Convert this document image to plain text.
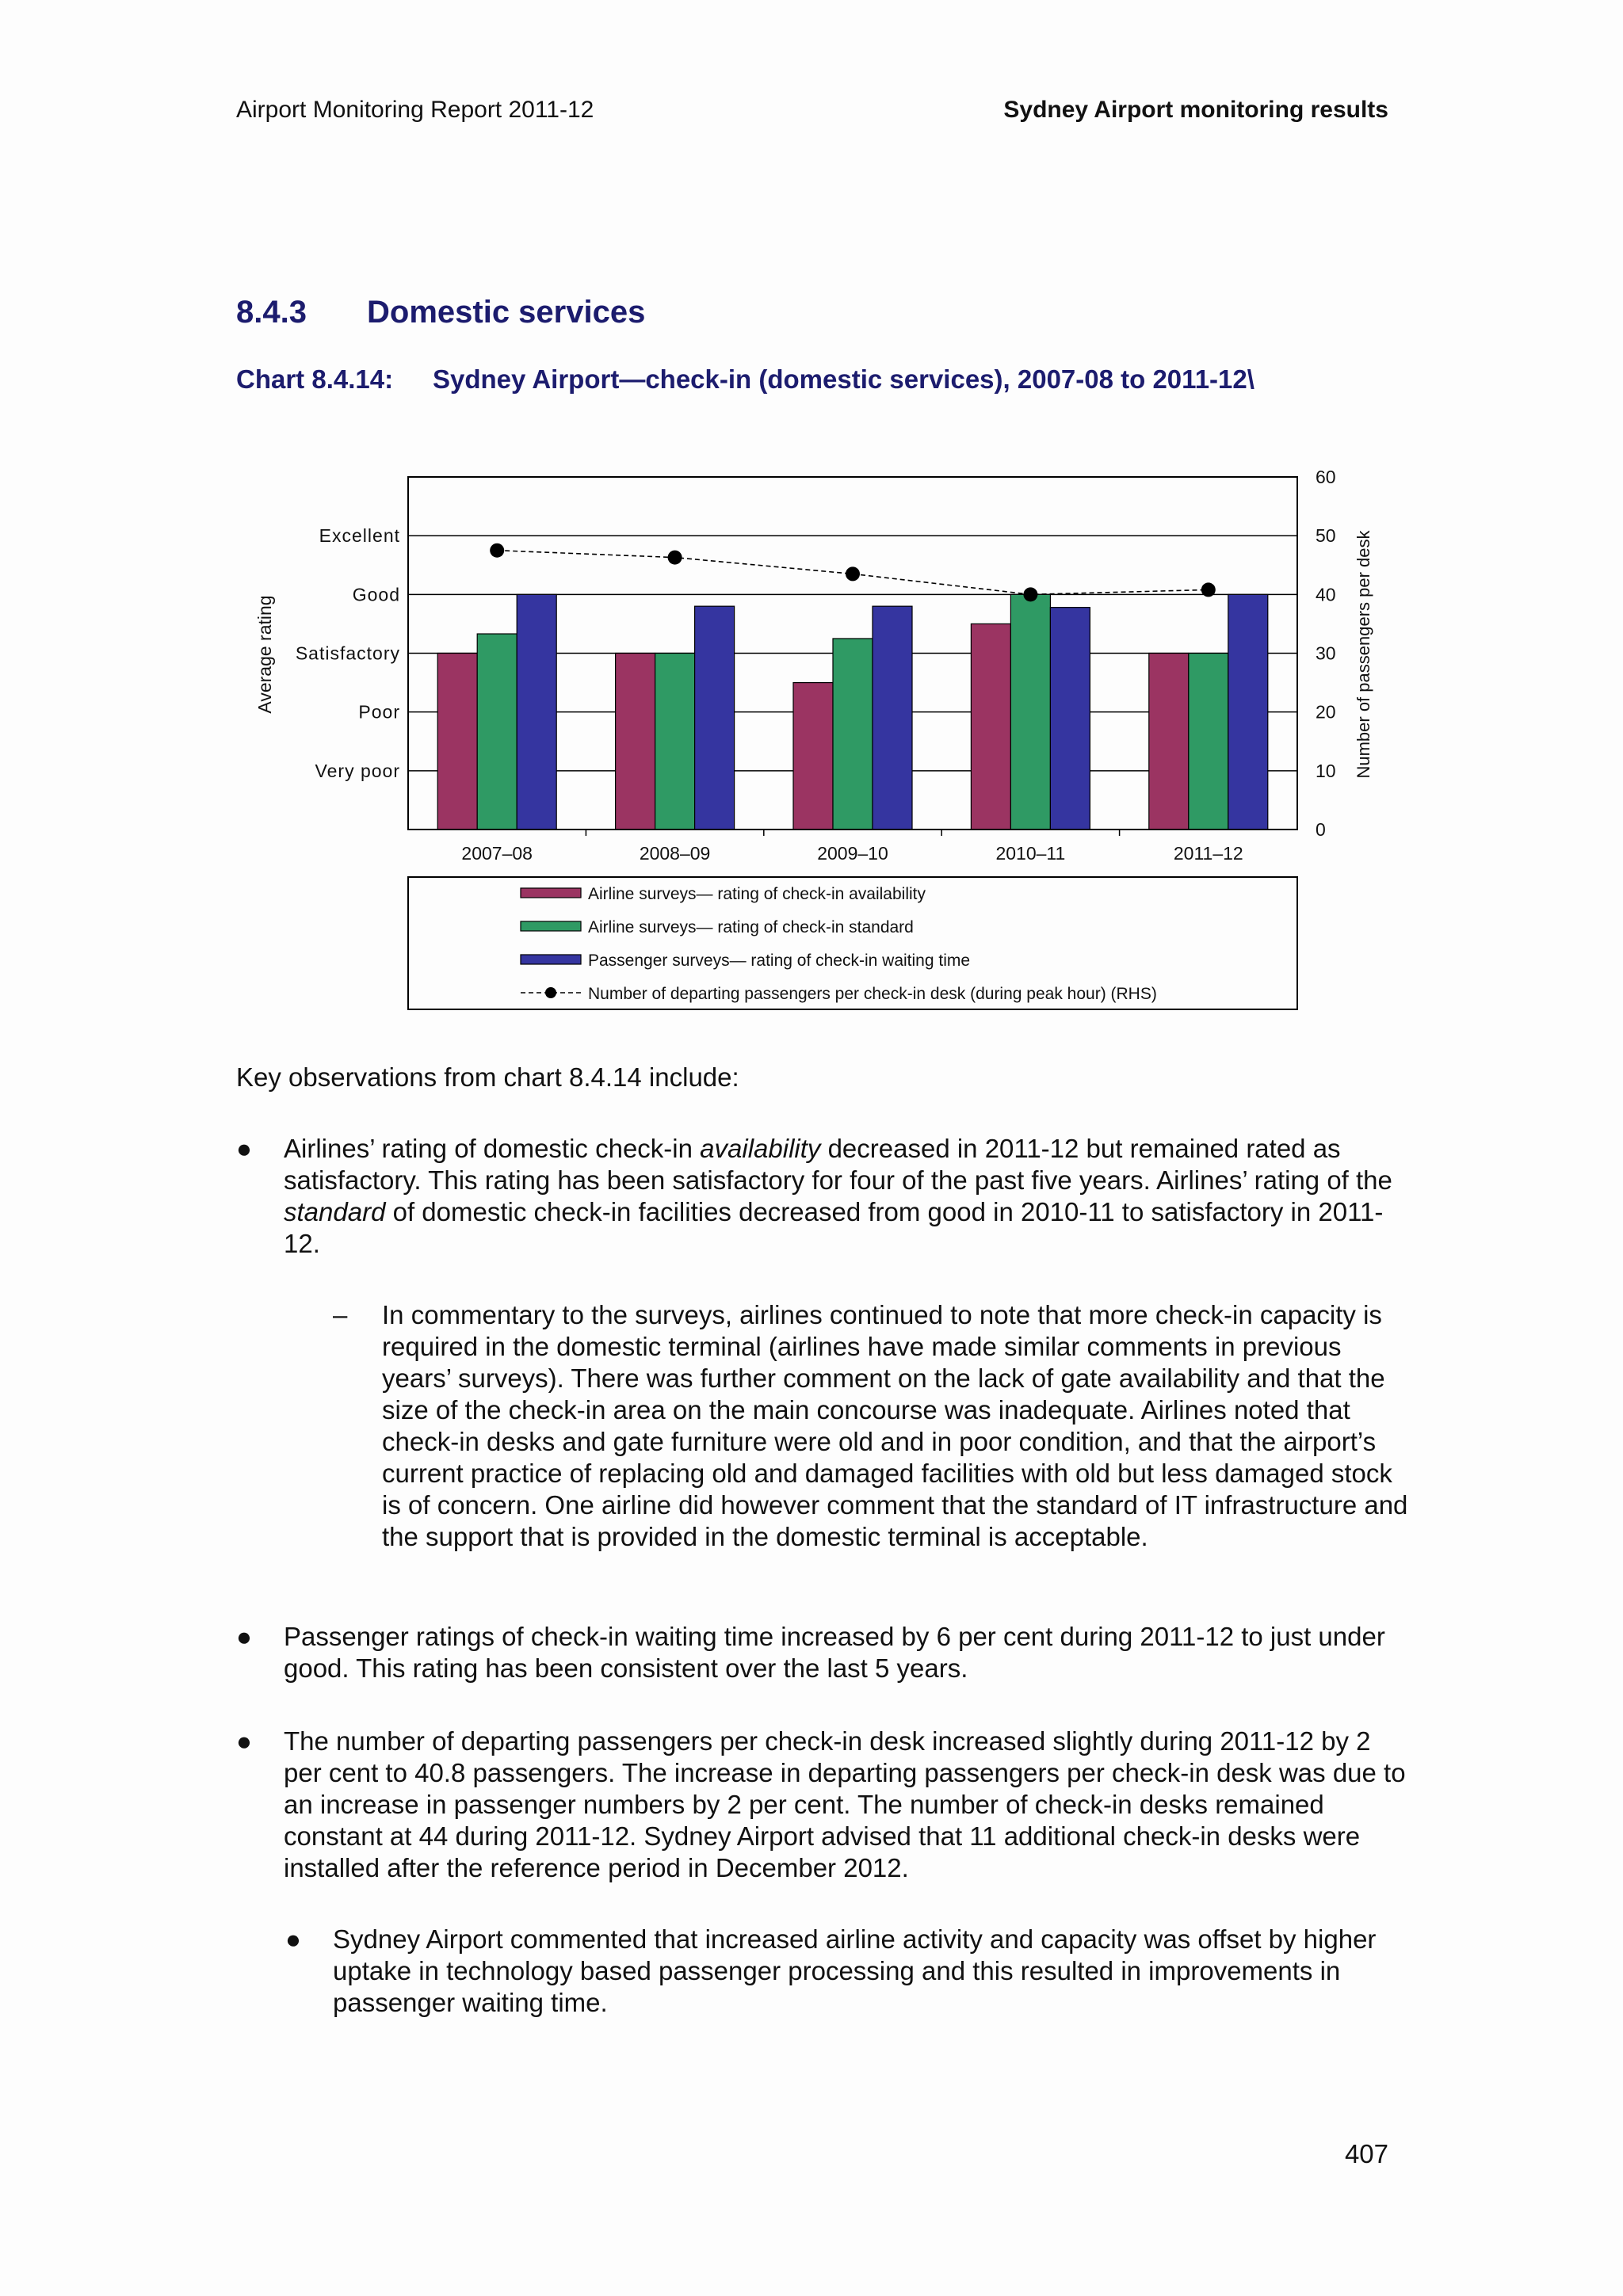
Airport Monitoring Report 2011-12	Sydney Airport monitoring results
8.4.3 Domestic services
Chart 8.4.14: Sydney Airport—check-in (domestic services), 2007-08 to 2011-12\
Very poor
Poor
Satisfactory
Good
Excellent
0
10
20
30
40
50
60
2007–08	2008–09	2009–10	2010–11	2011–12
Average rating	Number of passengers per desk
Airline surveys— rating of check-in availability
Airline surveys— rating of check-in standard
Passenger surveys— rating of check-in waiting time
Number of departing passengers per check-in desk (during peak hour) (RHS)
Key observations from chart 8.4.14 include:
● Airlines’ rating of domestic check-in availability decreased in 2011-12 but remained rated as satisfactory. This rating has been satisfactory for four of the past five years. Airlines’ rating of the standard of domestic check-in facilities decreased from good in 2010-11 to satisfactory in 2011-12.
– In commentary to the surveys, airlines continued to note that more check-in capacity is required in the domestic terminal (airlines have made similar comments in previous years’ surveys). There was further comment on the lack of gate availability and that the size of the check-in area on the main concourse was inadequate. Airlines noted that check-in desks and gate furniture were old and in poor condition, and that the airport’s current practice of replacing old and damaged facilities with old but less damaged stock is of concern. One airline did however comment that the standard of IT infrastructure and the support that is provided in the domestic terminal is acceptable.
● Passenger ratings of check-in waiting time increased by 6 per cent during 2011-12 to just under good. This rating has been consistent over the last 5 years.
● The number of departing passengers per check-in desk increased slightly during 2011-12 by 2 per cent to 40.8 passengers. The increase in departing passengers per check-in desk was due to an increase in passenger numbers by 2 per cent. The number of check-in desks remained constant at 44 during 2011-12. Sydney Airport advised that 11 additional check-in desks were installed after the reference period in December 2012.
● Sydney Airport commented that increased airline activity and capacity was offset by higher uptake in technology based passenger processing and this resulted in improvements in passenger waiting time.
407
